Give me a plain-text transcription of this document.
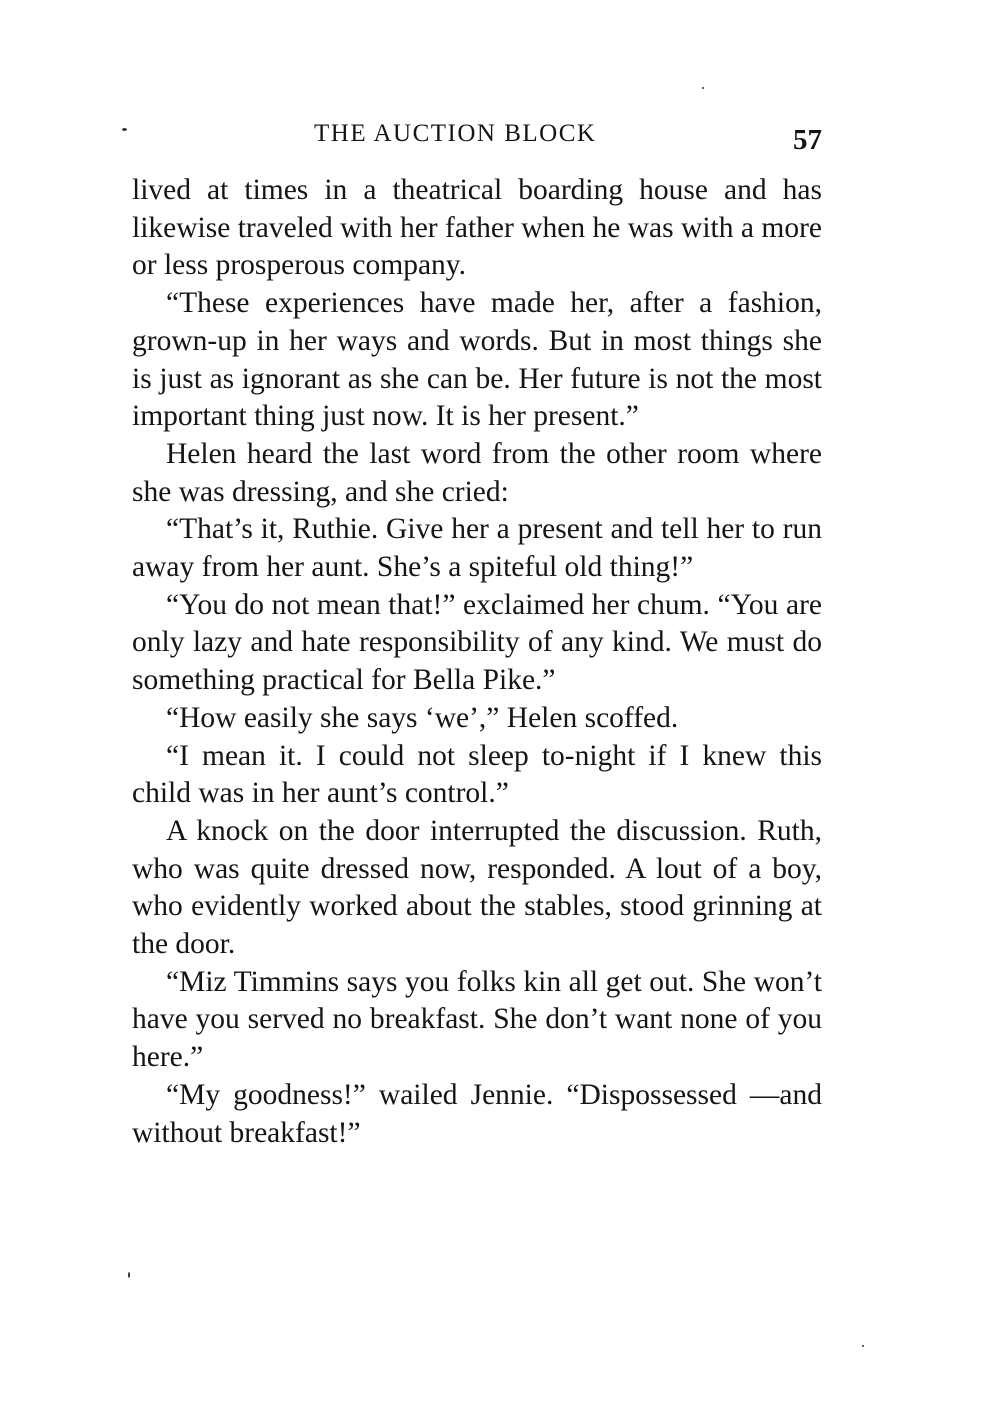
THE AUCTION BLOCK	57

lived at times in a theatrical boarding house and has likewise traveled with her father when he was with a more or less prosperous company.

“These experiences have made her, after a fashion, grown-up in her ways and words. But in most things she is just as ignorant as she can be. Her future is not the most important thing just now. It is her present.”

Helen heard the last word from the other room where she was dressing, and she cried:

“That’s it, Ruthie. Give her a present and tell her to run away from her aunt. She’s a spiteful old thing!”

“You do not mean that!” exclaimed her chum. “You are only lazy and hate responsibility of any kind. We must do something practical for Bella Pike.”

“How easily she says ‘we’,” Helen scoffed.

“I mean it. I could not sleep to-night if I knew this child was in her aunt’s control.”

A knock on the door interrupted the discussion. Ruth, who was quite dressed now, responded. A lout of a boy, who evidently worked about the stables, stood grinning at the door.

“Miz Timmins says you folks kin all get out. She won’t have you served no breakfast. She don’t want none of you here.”

“My goodness!” wailed Jennie. “Dispossessed —and without breakfast!”
